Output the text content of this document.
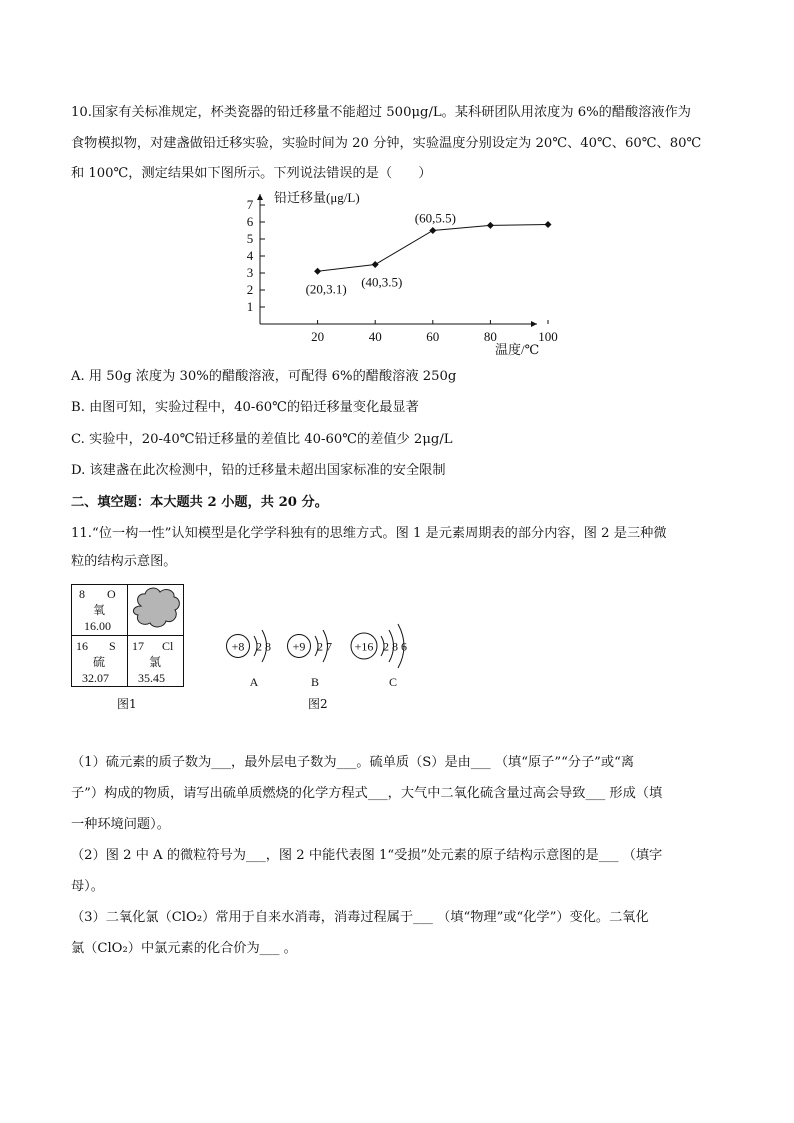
10.国家有关标准规定，杯类瓷器的铅迁移量不能超过 500μg/L。某科研团队用浓度为 6%的醋酸溶液作为
食物模拟物，对建盏做铅迁移实验，实验时间为 20 分钟，实验温度分别设定为 20℃、40℃、60℃、80℃
和 100℃，测定结果如下图所示。下列说法错误的是（　　）
铅迁移量(μg/L)
温度/℃
1
2
3
4
5
6
7
20	40	60	80	100
(20,3.1) (40,3.5)
(60,5.5)
A. 用 50g 浓度为 30%的醋酸溶液，可配得 6%的醋酸溶液 250g
B. 由图可知，实验过程中，40-60℃的铅迁移量变化最显著
C. 实验中，20-40℃铅迁移量的差值比 40-60℃的差值少 2μg/L
D. 该建盏在此次检测中，铅的迁移量未超出国家标准的安全限制
二、填空题：本大题共 2 小题，共 20 分。
11.“位一构一性”认知模型是化学学科独有的思维方式。图 1 是元素周期表的部分内容，图 2 是三种微
粒的结构示意图。
8 O
氧
16.00
16 S
硫
32.07
17 Cl
氯
35.45
图1
+8 2 8
A
+9 2 7
B
+16 2 8 6
C
图2
（1）硫元素的质子数为___，最外层电子数为___。硫单质（S）是由___ （填“原子”“分子”或“离
子”）构成的物质，请写出硫单质燃烧的化学方程式___，大气中二氧化硫含量过高会导致___ 形成（填
一种环境问题）。
（2）图 2 中 A 的微粒符号为___，图 2 中能代表图 1“受损”处元素的原子结构示意图的是___ （填字
母）。
（3）二氧化氯（ClO₂）常用于自来水消毒，消毒过程属于___ （填“物理”或“化学”）变化。二氧化
氯（ClO₂）中氯元素的化合价为___ 。
